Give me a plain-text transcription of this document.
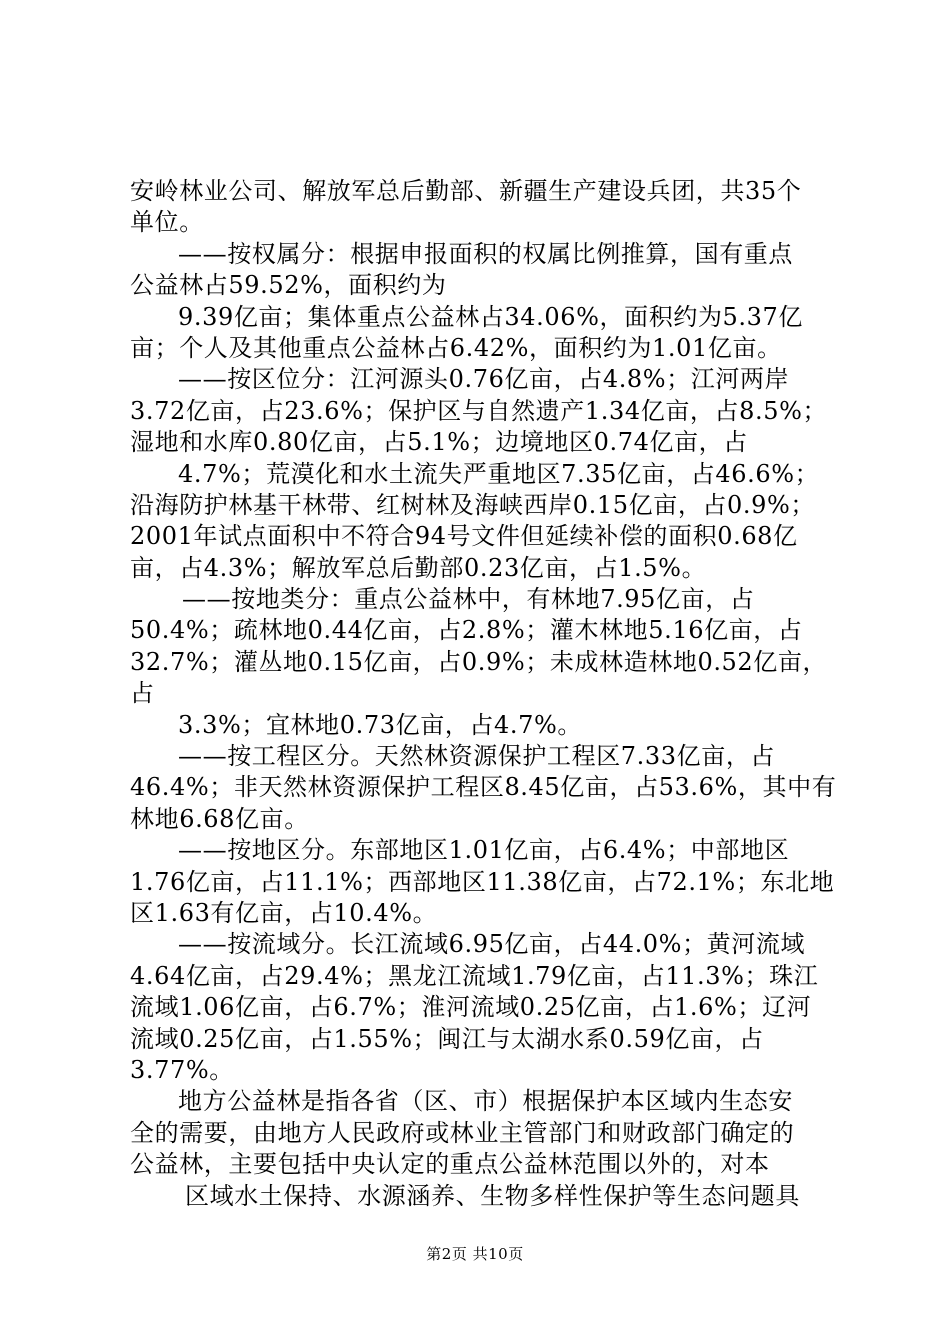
安岭林业公司、解放军总后勤部、新疆生产建设兵团，共35个
单位。
——按权属分：根据申报面积的权属比例推算，国有重点
公益林占59.52%，面积约为
9.39亿亩；集体重点公益林占34.06%，面积约为5.37亿
亩；个人及其他重点公益林占6.42%，面积约为1.01亿亩。
——按区位分：江河源头0.76亿亩，占4.8%；江河两岸
3.72亿亩，占23.6%；保护区与自然遗产1.34亿亩，占8.5%；
湿地和水库0.80亿亩，占5.1%；边境地区0.74亿亩，占
4.7%；荒漠化和水土流失严重地区7.35亿亩，占46.6%；
沿海防护林基干林带、红树林及海峡西岸0.15亿亩，占0.9%；
2001年试点面积中不符合94号文件但延续补偿的面积0.68亿
亩，占4.3%；解放军总后勤部0.23亿亩，占1.5%。
——按地类分：重点公益林中，有林地7.95亿亩，占
50.4%；疏林地0.44亿亩，占2.8%；灌木林地5.16亿亩，占
32.7%；灌丛地0.15亿亩，占0.9%；未成林造林地0.52亿亩，
占
3.3%；宜林地0.73亿亩，占4.7%。
——按工程区分。天然林资源保护工程区7.33亿亩，占
46.4%；非天然林资源保护工程区8.45亿亩，占53.6%，其中有
林地6.68亿亩。
——按地区分。东部地区1.01亿亩，占6.4%；中部地区
1.76亿亩，占11.1%；西部地区11.38亿亩，占72.1%；东北地
区1.63有亿亩，占10.4%。
——按流域分。长江流域6.95亿亩，占44.0%；黄河流域
4.64亿亩，占29.4%；黑龙江流域1.79亿亩，占11.3%；珠江
流域1.06亿亩，占6.7%；淮河流域0.25亿亩，占1.6%；辽河
流域0.25亿亩，占1.55%；闽江与太湖水系0.59亿亩，占
3.77%。
地方公益林是指各省（区、市）根据保护本区域内生态安
全的需要，由地方人民政府或林业主管部门和财政部门确定的
公益林，主要包括中央认定的重点公益林范围以外的，对本
区域水土保持、水源涵养、生物多样性保护等生态问题具
第2页 共10页
